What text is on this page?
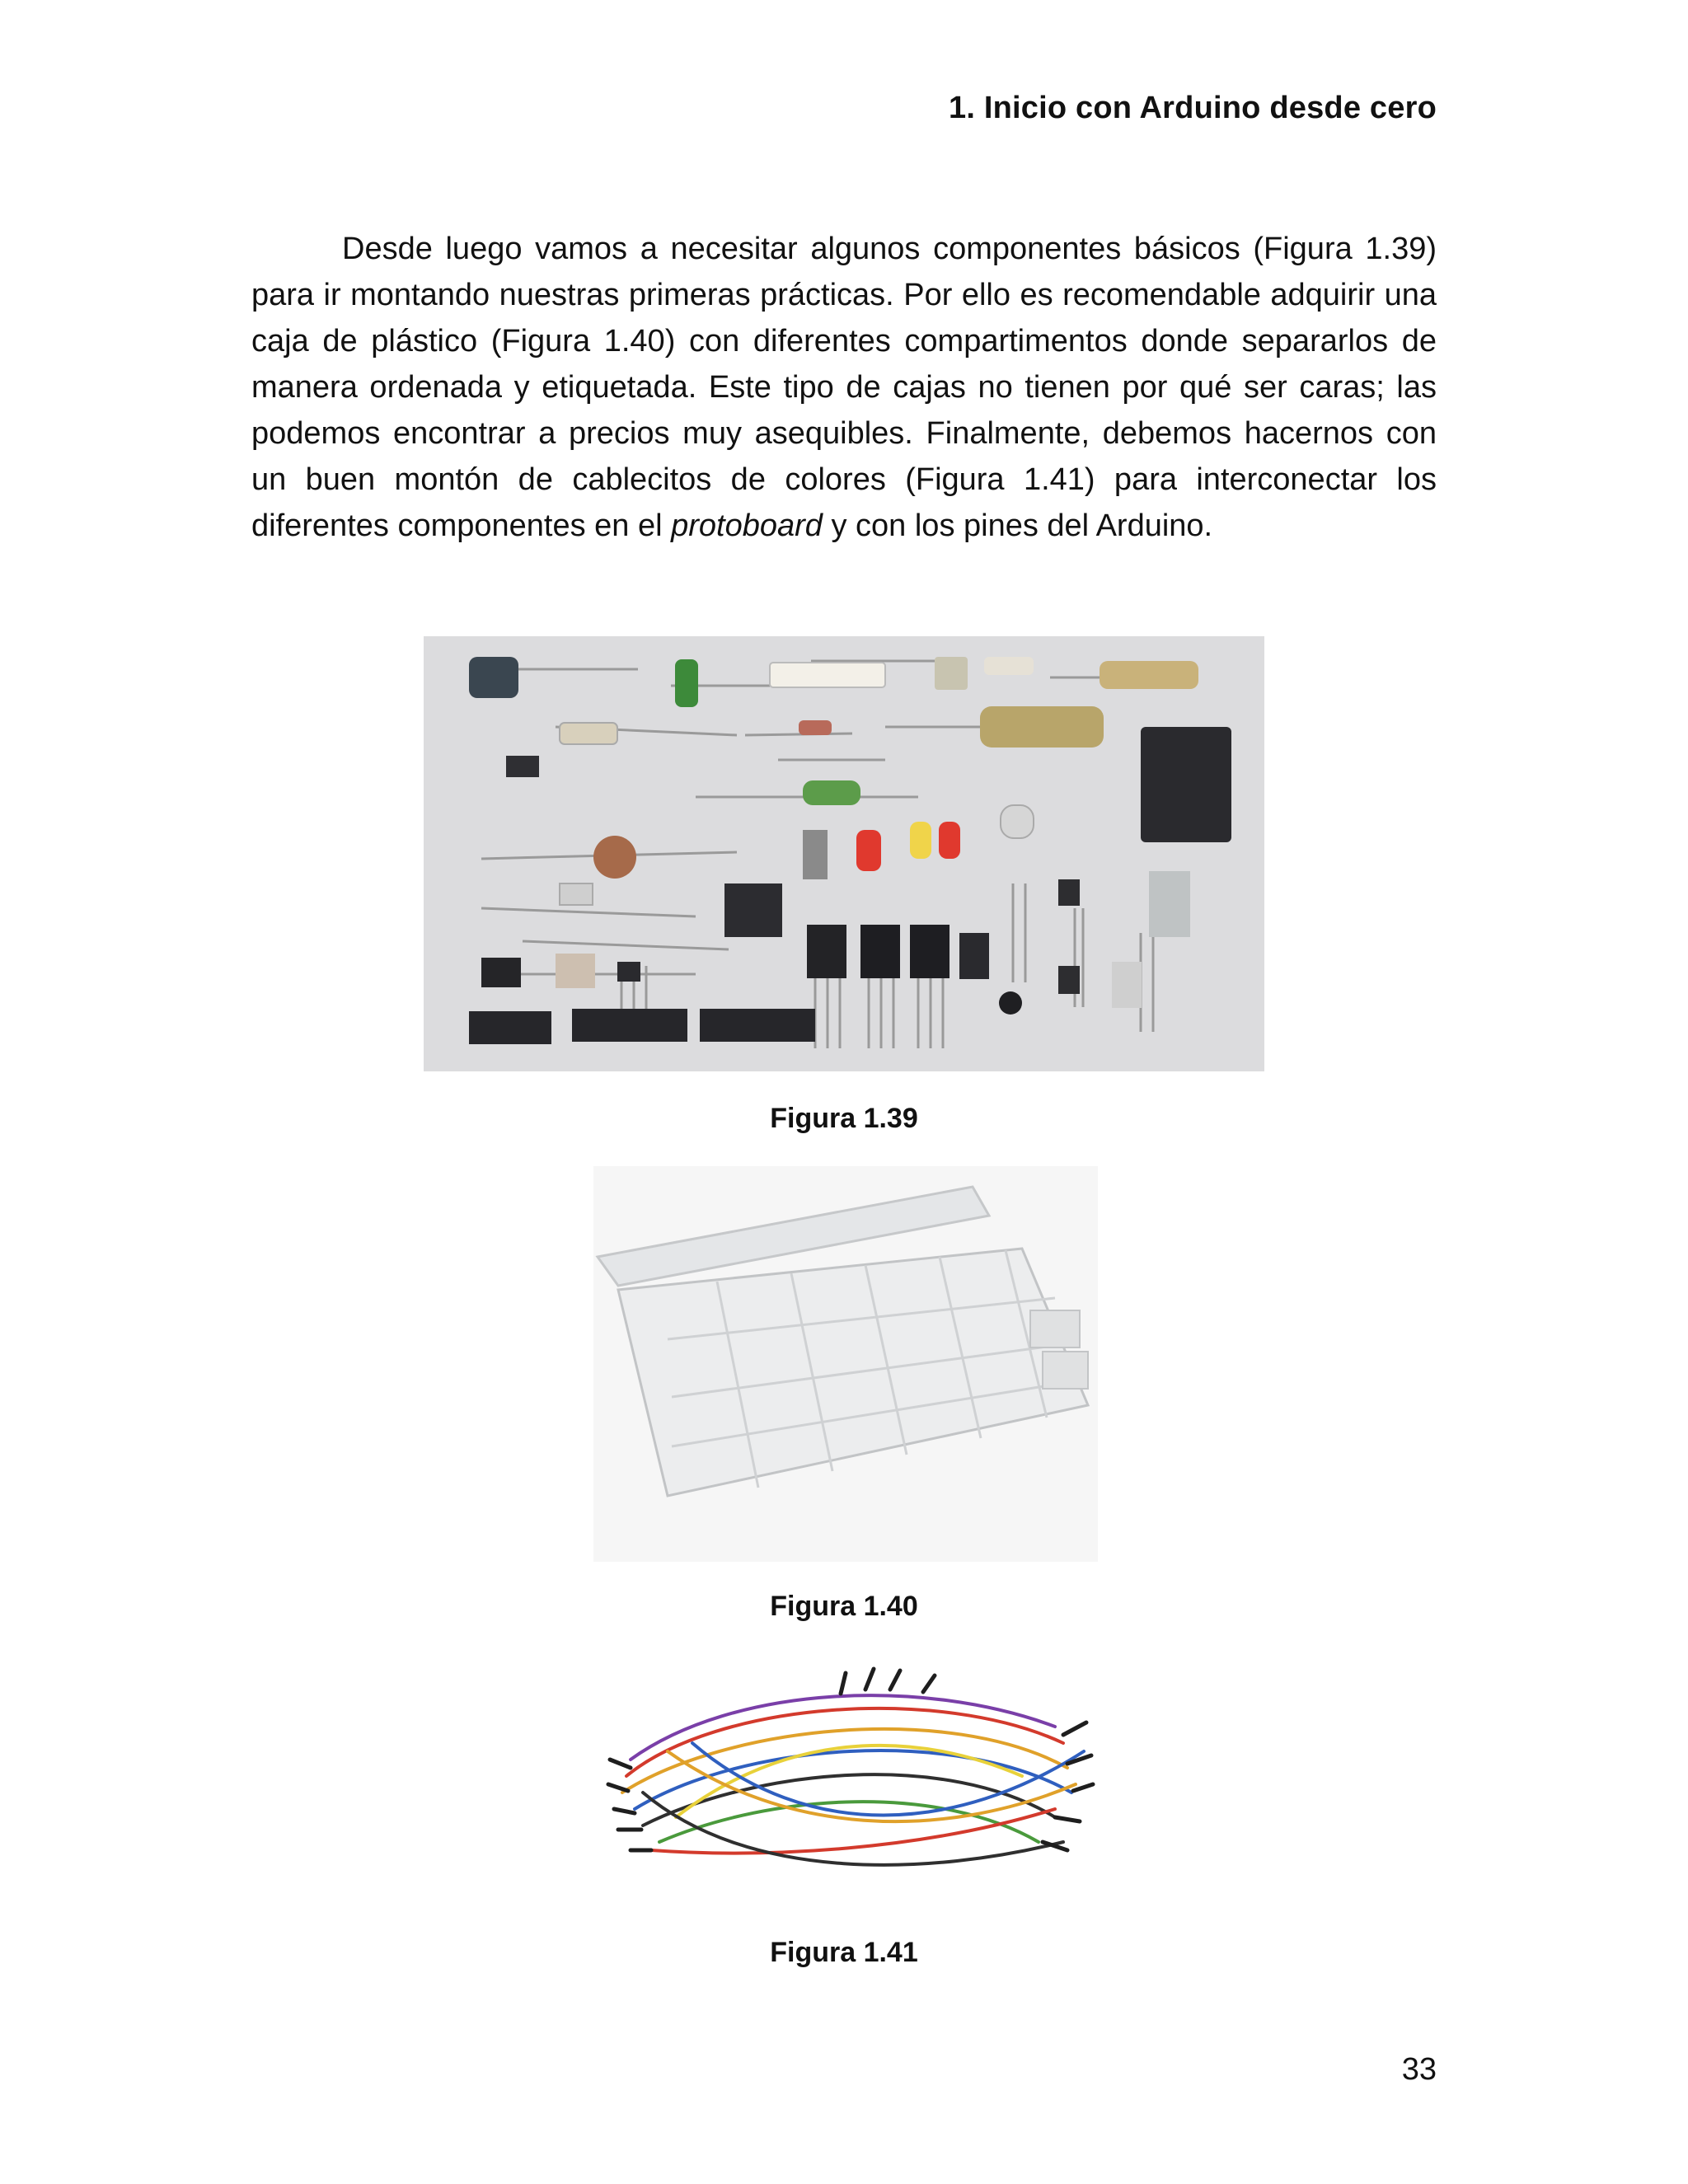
1. Inicio con Arduino desde cero

Desde luego vamos a necesitar algunos componentes básicos (Figura 1.39) para ir montando nuestras primeras prácticas. Por ello es recomendable adquirir una caja de plástico (Figura 1.40) con diferentes compartimentos donde separarlos de manera ordenada y etiquetada. Este tipo de cajas no tienen por qué ser caras; las podemos encontrar a precios muy asequibles. Finalmente, debemos hacernos con un buen montón de cablecitos de colores (Figura 1.41) para interconectar los diferentes componentes en el protoboard y con los pines del Arduino.

Figura 1.39
Figura 1.40
Figura 1.41
33
